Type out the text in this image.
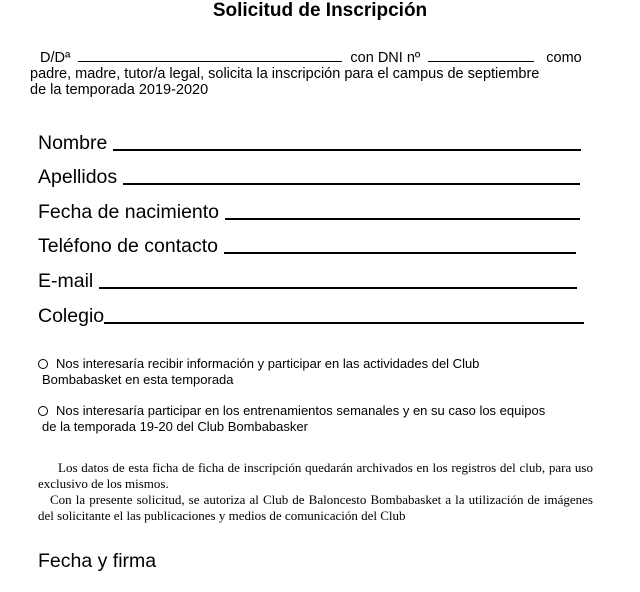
Solicitud de Inscripción
D/Dª	con DNI nº	como
padre, madre, tutor/a legal, solicita la inscripción para el campus de septiembre
de la temporada 2019-2020
Nombre
Apellidos
Fecha de nacimiento
Teléfono de contacto
E-mail
Colegio
Nos interesaría recibir información y participar en las actividades del Club
Bombabasket en esta temporada
Nos interesaría participar en los entrenamientos semanales y en su caso los equipos
de la temporada 19-20 del Club Bombabasker

Los datos de esta ficha de ficha de inscripción quedarán archivados en los registros del club, para uso exclusivo de los mismos.

Con la presente solicitud, se autoriza al Club de Baloncesto Bombabasket a la utilización de imágenes del solicitante el las publicaciones y medios de comunicación del Club

Fecha y firma
